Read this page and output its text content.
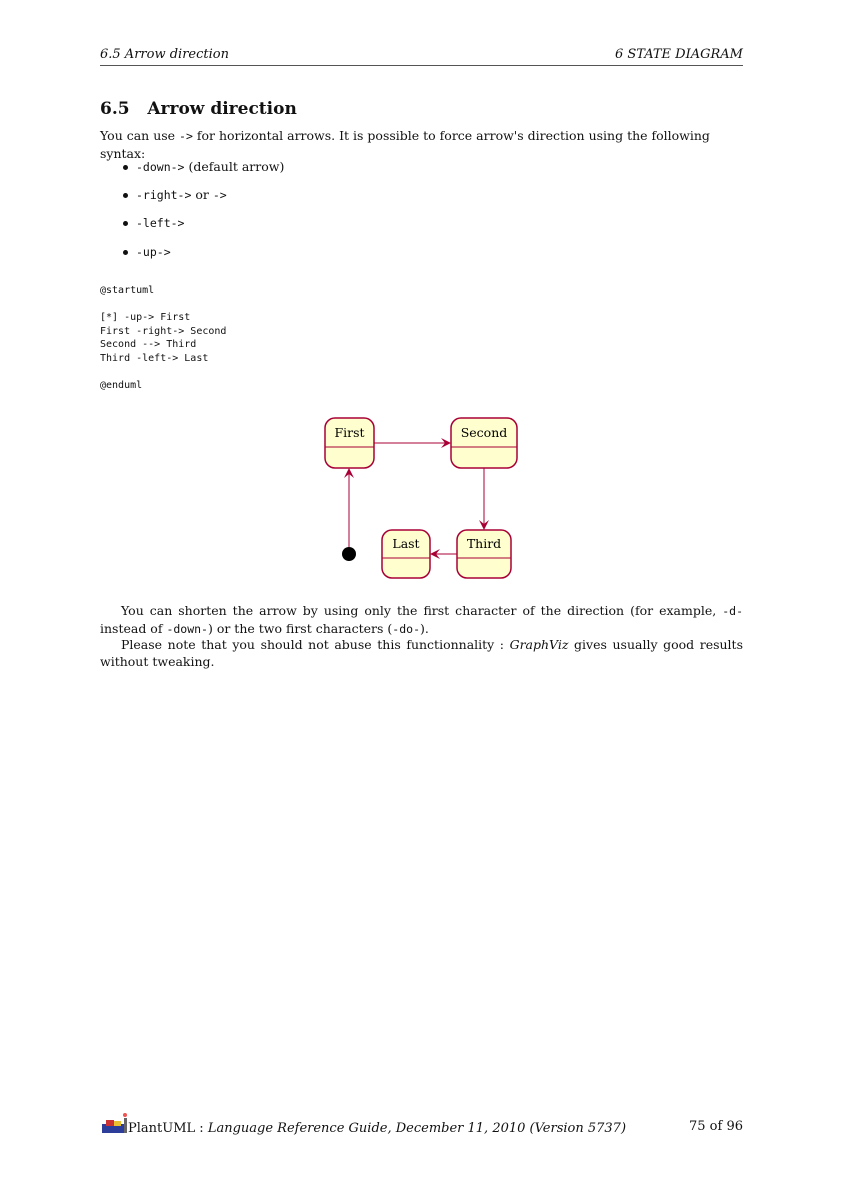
6.5 Arrow direction	6 STATE DIAGRAM
6.5 Arrow direction
You can use -> for horizontal arrows. It is possible to force arrow's direction using the following syntax:
-down-> (default arrow)
-right-> or ->
-left->
-up->
@startuml

[*] -up-> First
First -right-> Second
Second --> Third
Third -left-> Last

@enduml
First	Second
Third
Last
You can shorten the arrow by using only the first character of the direction (for example, -d- instead of -down-) or the two first characters (-do-).
Please note that you should not abuse this functionnality : GraphViz gives usually good results without tweaking.
PlantUML : Language Reference Guide, December 11, 2010 (Version 5737)	75 of 96
